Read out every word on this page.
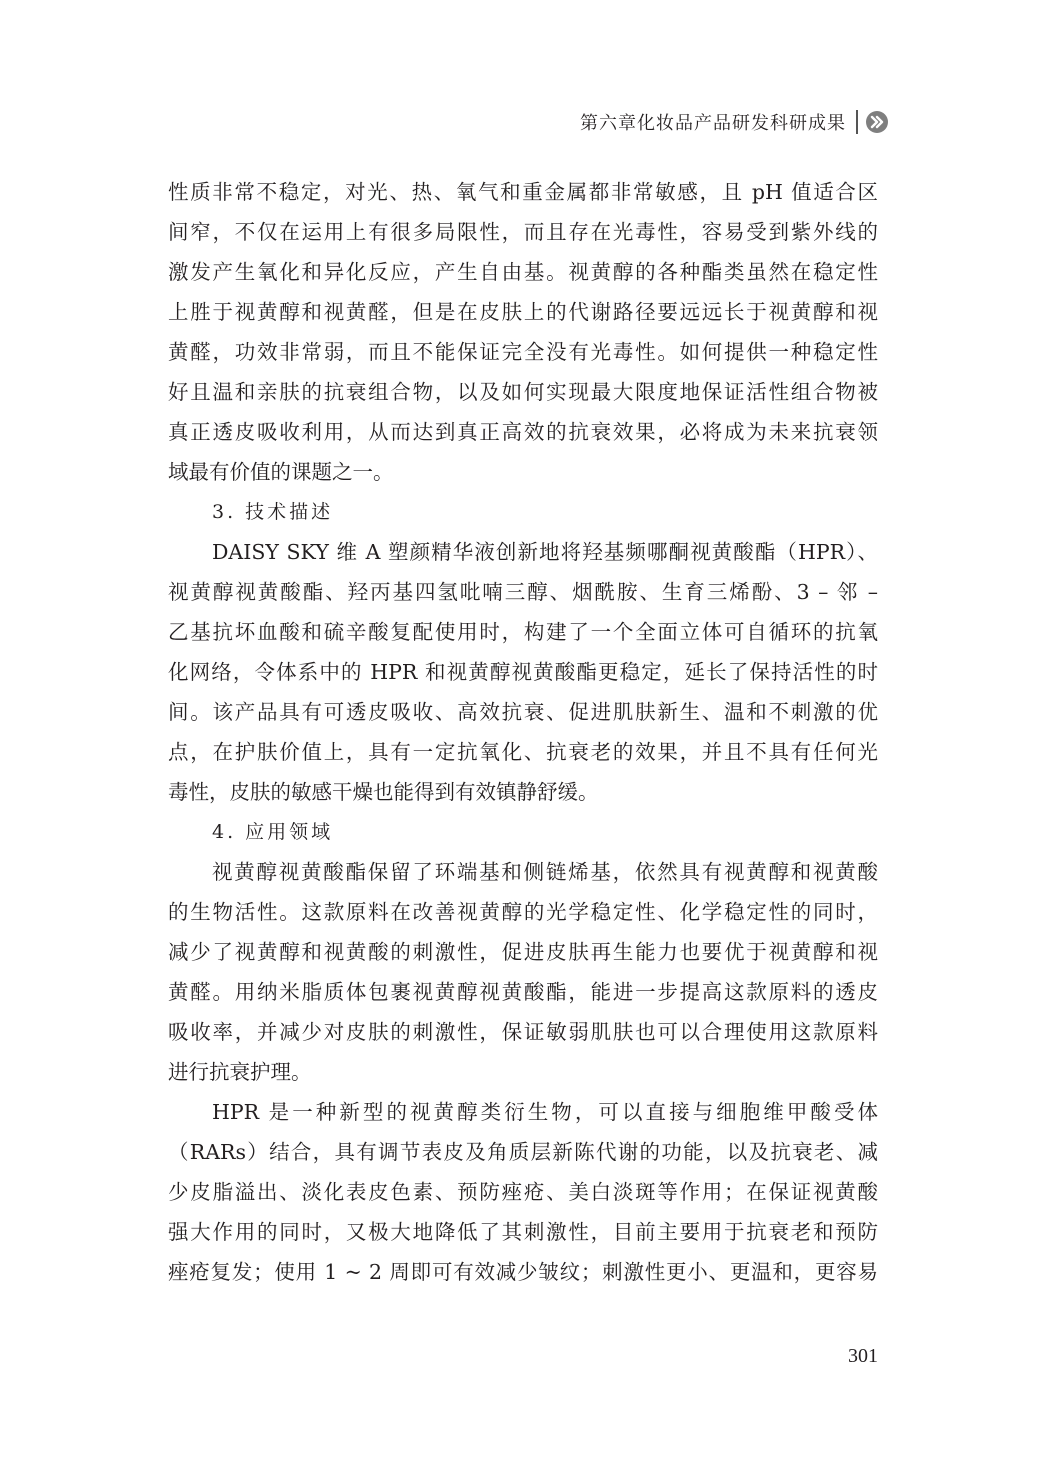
第六章 化妆品产品研发科研成果
性质非常不稳定，对光、热、氧气和重金属都非常敏感，且 pH 值适合区
间窄，不仅在运用上有很多局限性，而且存在光毒性，容易受到紫外线的
激发产生氧化和异化反应，产生自由基。视黄醇的各种酯类虽然在稳定性
上胜于视黄醇和视黄醛，但是在皮肤上的代谢路径要远远长于视黄醇和视
黄醛，功效非常弱，而且不能保证完全没有光毒性。如何提供一种稳定性
好且温和亲肤的抗衰组合物，以及如何实现最大限度地保证活性组合物被
真正透皮吸收利用，从而达到真正高效的抗衰效果，必将成为未来抗衰领
域最有价值的课题之一。
3. 技术描述
DAISY SKY 维 A 塑颜精华液创新地将羟基频哪酮视黄酸酯（HPR）、
视黄醇视黄酸酯、羟丙基四氢吡喃三醇、烟酰胺、生育三烯酚、3 – 邻 –
乙基抗坏血酸和硫辛酸复配使用时，构建了一个全面立体可自循环的抗氧
化网络，令体系中的 HPR 和视黄醇视黄酸酯更稳定，延长了保持活性的时
间。该产品具有可透皮吸收、高效抗衰、促进肌肤新生、温和不刺激的优
点，在护肤价值上，具有一定抗氧化、抗衰老的效果，并且不具有任何光
毒性，皮肤的敏感干燥也能得到有效镇静舒缓。
4. 应用领域
视黄醇视黄酸酯保留了环端基和侧链烯基，依然具有视黄醇和视黄酸
的生物活性。这款原料在改善视黄醇的光学稳定性、化学稳定性的同时，
减少了视黄醇和视黄酸的刺激性，促进皮肤再生能力也要优于视黄醇和视
黄醛。用纳米脂质体包裹视黄醇视黄酸酯，能进一步提高这款原料的透皮
吸收率，并减少对皮肤的刺激性，保证敏弱肌肤也可以合理使用这款原料
进行抗衰护理。
HPR 是一种新型的视黄醇类衍生物，可以直接与细胞维甲酸受体
（RARs）结合，具有调节表皮及角质层新陈代谢的功能，以及抗衰老、减
少皮脂溢出、淡化表皮色素、预防痤疮、美白淡斑等作用；在保证视黄酸
强大作用的同时，又极大地降低了其刺激性，目前主要用于抗衰老和预防
痤疮复发；使用 1 ~ 2 周即可有效减少皱纹；刺激性更小、更温和，更容易
301
